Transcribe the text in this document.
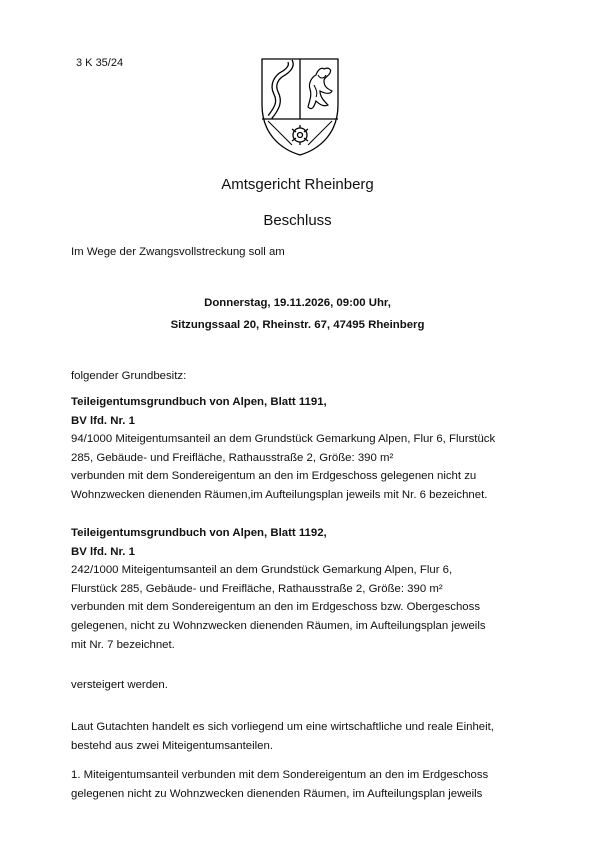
3 K 35/24
Amtsgericht Rheinberg
Beschluss
Im Wege der Zwangsvollstreckung soll am
Donnerstag, 19.11.2026, 09:00 Uhr,
Sitzungssaal 20, Rheinstr. 67, 47495 Rheinberg
folgender Grundbesitz:
Teileigentumsgrundbuch von Alpen, Blatt 1191,
BV lfd. Nr. 1
94/1000 Miteigentumsanteil an dem Grundstück Gemarkung Alpen, Flur 6, Flurstück
285, Gebäude- und Freifläche, Rathausstraße 2, Größe: 390 m²
verbunden mit dem Sondereigentum an den im Erdgeschoss gelegenen nicht zu
Wohnzwecken dienenden Räumen,im Aufteilungsplan jeweils mit Nr. 6 bezeichnet.
Teileigentumsgrundbuch von Alpen, Blatt 1192,
BV lfd. Nr. 1
242/1000 Miteigentumsanteil an dem Grundstück Gemarkung Alpen, Flur 6,
Flurstück 285, Gebäude- und Freifläche, Rathausstraße 2, Größe: 390 m²
verbunden mit dem Sondereigentum an den im Erdgeschoss bzw. Obergeschoss
gelegenen, nicht zu Wohnzwecken dienenden Räumen, im Aufteilungsplan jeweils
mit Nr. 7 bezeichnet.
versteigert werden.
Laut Gutachten handelt es sich vorliegend um eine wirtschaftliche und reale Einheit,
bestehd aus zwei Miteigentumsanteilen.
1. Miteigentumsanteil verbunden mit dem Sondereigentum an den im Erdgeschoss
gelegenen nicht zu Wohnzwecken dienenden Räumen, im Aufteilungsplan jeweils
